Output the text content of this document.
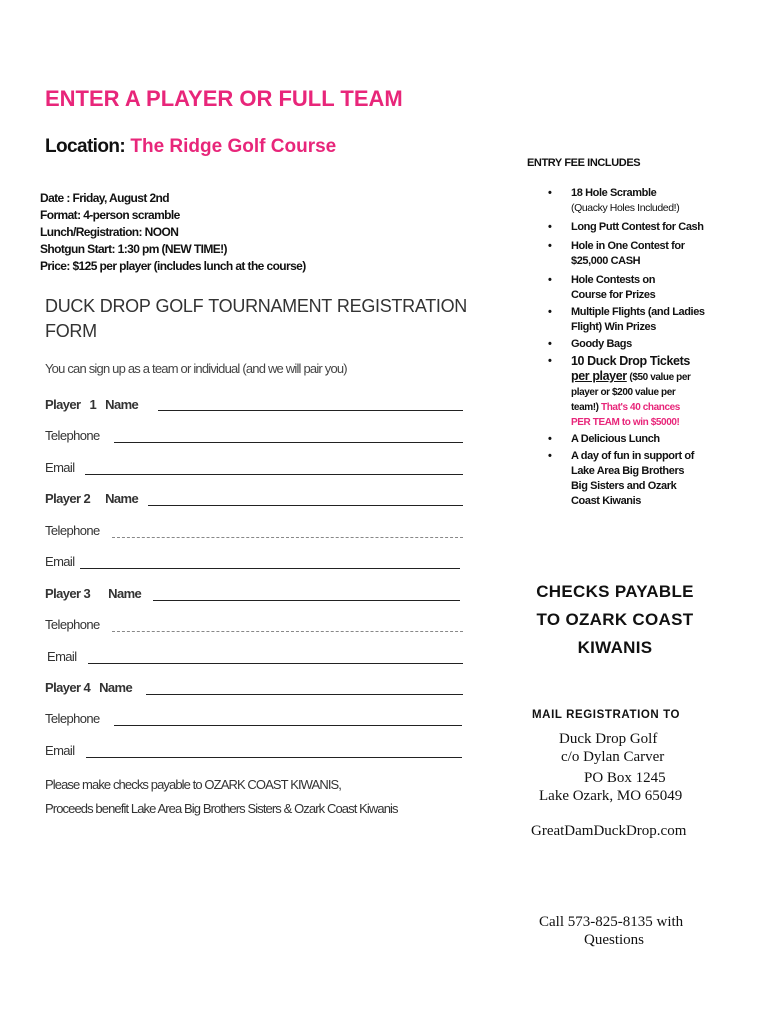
ENTER A PLAYER OR FULL TEAM
Location: The Ridge Golf Course
Date : Friday, August 2nd
Format: 4-person scramble
Lunch/Registration: NOON
Shotgun Start: 1:30 pm (NEW TIME!)
Price: $125 per player (includes lunch at the course)
DUCK DROP GOLF TOURNAMENT REGISTRATION
FORM
You can sign up as a team or individual (and we will pair you)
Player 1 Name
Telephone
Email
Player 2 Name
Telephone
Email
Player 3 Name
Telephone
Email
Player 4 Name
Telephone
Email
Please make checks payable to OZARK COAST KIWANIS,
Proceeds benefit Lake Area Big Brothers Sisters & Ozark Coast Kiwanis
ENTRY FEE INCLUDES
• 18 Hole Scramble
(Quacky Holes Included!)
• Long Putt Contest for Cash
• Hole in One Contest for
$25,000 CASH
• Hole Contests on
Course for Prizes
• Multiple Flights (and Ladies
Flight) Win Prizes
• Goody Bags
• 10 Duck Drop Tickets
per player ($50 value per
player or $200 value per
team!) That's 40 chances
PER TEAM to win $5000!
• A Delicious Lunch
• A day of fun in support of
Lake Area Big Brothers
Big Sisters and Ozark
Coast Kiwanis
CHECKS PAYABLE
TO OZARK COAST
KIWANIS
MAIL REGISTRATION TO
Duck Drop Golf
c/o Dylan Carver
PO Box 1245
Lake Ozark, MO 65049
GreatDamDuckDrop.com
Call 573-825-8135 with
Questions
